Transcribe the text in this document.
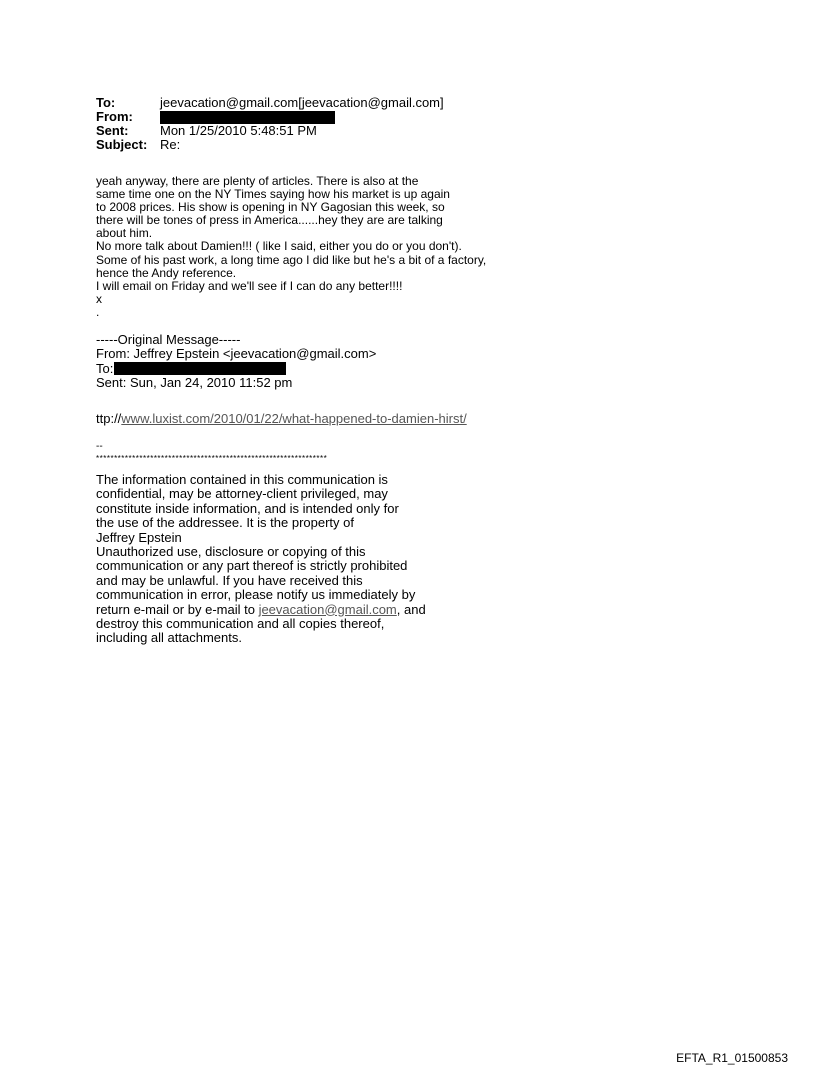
To:	jeevacation@gmail.com[jeevacation@gmail.com]
From:
Sent:	Mon 1/25/2010 5:48:51 PM
Subject: Re:
yeah anyway, there are plenty of articles. There is also at the
same time one on the NY Times saying how his market is up again
to 2008 prices. His show is opening in NY Gagosian this week, so
there will be tones of press in America......hey they are are talking
about him.
No more talk about Damien!!! ( like I said, either you do or you don't).
Some of his past work, a long time ago I did like but he's a bit of a factory,
hence the Andy reference.
I will email on Friday and we'll see if I can do any better!!!!
x
.
-----Original Message-----
From: Jeffrey Epstein <jeevacation@gmail.com>
To:
Sent: Sun, Jan 24, 2010 11:52 pm
ttp://www.luxist.com/2010/01/22/what-happened-to-damien-hirst/
--
****************************************************************
The information contained in this communication is
confidential, may be attorney-client privileged, may
constitute inside information, and is intended only for
the use of the addressee. It is the property of
Jeffrey Epstein
Unauthorized use, disclosure or copying of this
communication or any part thereof is strictly prohibited
and may be unlawful. If you have received this
communication in error, please notify us immediately by
return e-mail or by e-mail to jeevacation@gmail.com, and
destroy this communication and all copies thereof,
including all attachments.
EFTA_R1_01500853
